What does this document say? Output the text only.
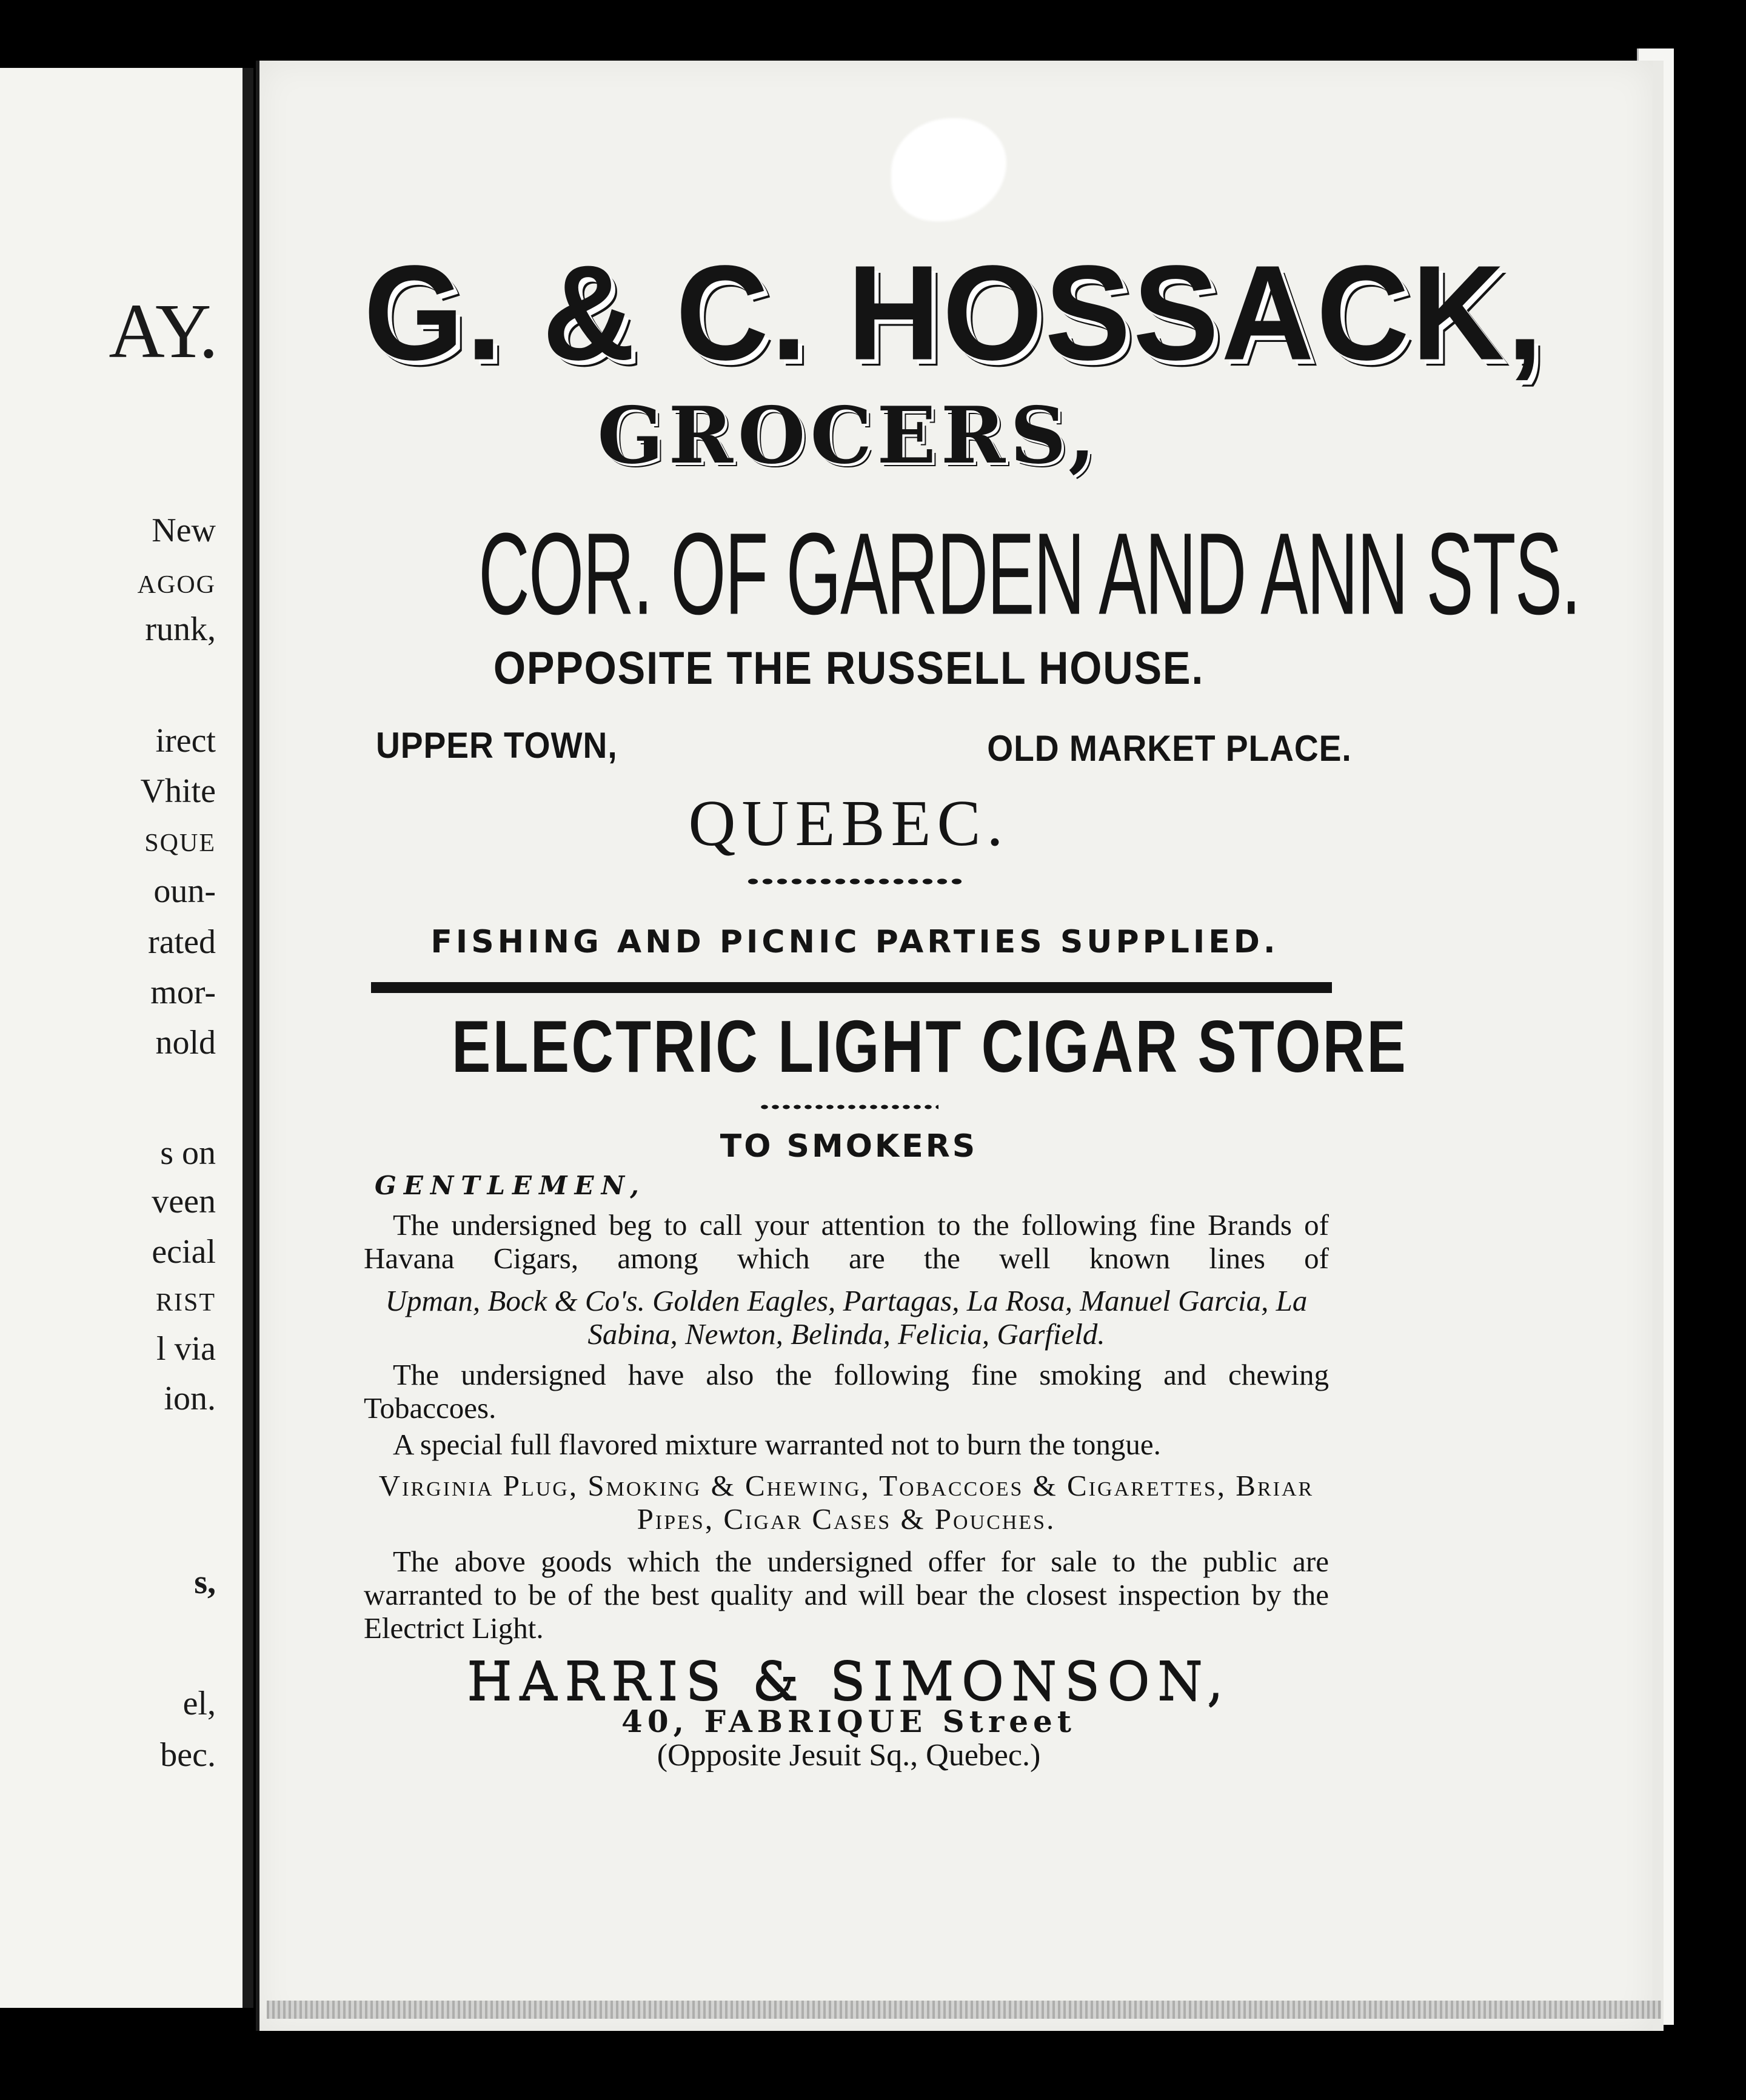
AY.

New

AGOG

runk,

irect

Vhite

SQUE

oun-

rated

mor-

nold

s on

veen

ecial

RIST

l via

ion.

s,

el,

bec.

G. & C. HOSSACK,

GROCERS,

COR. OF GARDEN AND ANN STS.

OPPOSITE THE RUSSELL HOUSE.

UPPER TOWN,	OLD MARKET PLACE.

QUEBEC.

FISHING AND PICNIC PARTIES SUPPLIED.

ELECTRIC LIGHT CIGAR STORE

TO SMOKERS

GENTLEMEN,

The undersigned beg to call your attention to the following fine Brands of Havana Cigars, among which are the well known lines of

Upman, Bock & Co's. Golden Eagles, Partagas, La Rosa, Manuel Garcia, La Sabina, Newton, Belinda, Felicia, Garfield.

The undersigned have also the following fine smoking and chewing Tobaccoes.

A special full flavored mixture warranted not to burn the tongue.

Virginia Plug, Smoking & Chewing, Tobaccoes & Cigarettes, Briar Pipes, Cigar Cases & Pouches.

The above goods which the undersigned offer for sale to the public are warranted to be of the best quality and will bear the closest inspection by the Electrict Light.

HARRIS & SIMONSON,

40, FABRIQUE Street

(Opposite Jesuit Sq., Quebec.)
